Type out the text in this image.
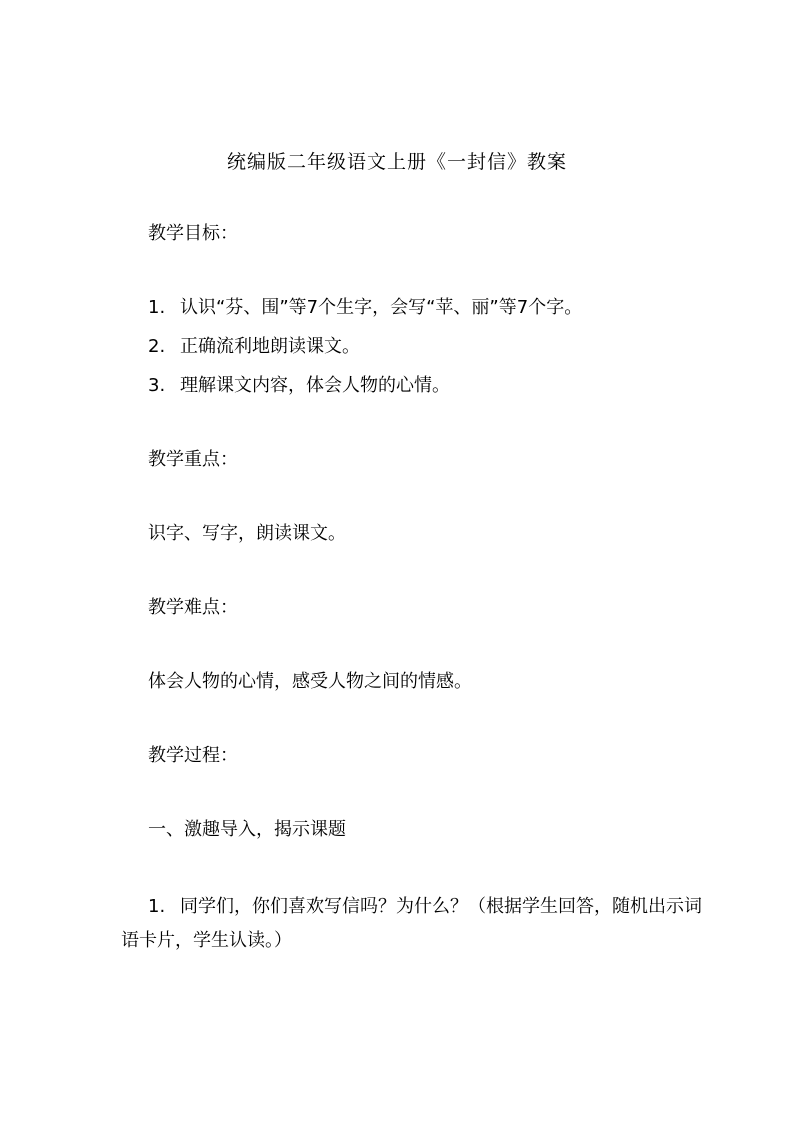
统编版二年级语文上册《一封信》教案
教学目标：
1. 认识“芬、围”等7个生字，会写“苹、丽”等7个字。
2. 正确流利地朗读课文。
3. 理解课文内容，体会人物的心情。
教学重点：
识字、写字，朗读课文。
教学难点：
体会人物的心情，感受人物之间的情感。
教学过程：
一、激趣导入，揭示课题
1. 同学们，你们喜欢写信吗？为什么？（根据学生回答，随机出示词语卡片，学生认读。）
